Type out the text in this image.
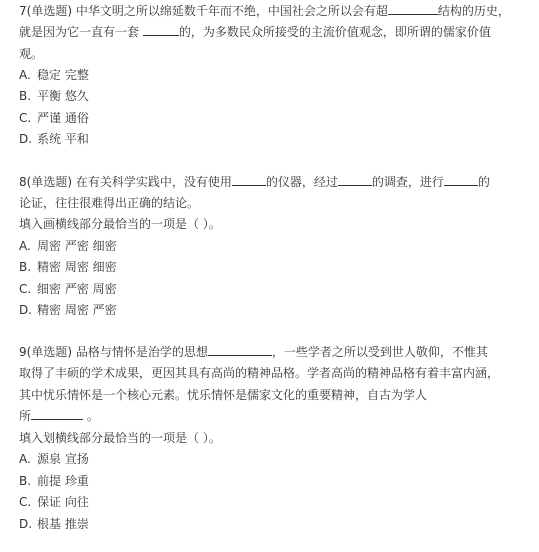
7(单选题) 中华文明之所以绵延数千年而不绝，中国社会之所以会有超	结构的历史，
就是因为它一直有一套	的，为多数民众所接受的主流价值观念，即所谓的儒家价值
观。
A. 稳定 完整
B. 平衡 悠久
C. 严谨 通俗
D. 系统 平和
8(单选题) 在有关科学实践中，没有使用	的仪器，经过	的调查，进行	的
论证，往往很难得出正确的结论。
填入画横线部分最恰当的一项是（ ）。
A. 周密 严密 细密
B. 精密 周密 细密
C. 细密 严密 周密
D. 精密 周密 严密
9(单选题) 品格与情怀是治学的思想	，一些学者之所以受到世人敬仰，不惟其
取得了丰硕的学术成果，更因其具有高尚的精神品格。学者高尚的精神品格有着丰富内涵，
其中忧乐情怀是一个核心元素。忧乐情怀是儒家文化的重要精神，自古为学人
所	。
填入划横线部分最恰当的一项是（ ）。
A. 源泉 宣扬
B. 前提 珍重
C. 保证 向往
D. 根基 推崇
